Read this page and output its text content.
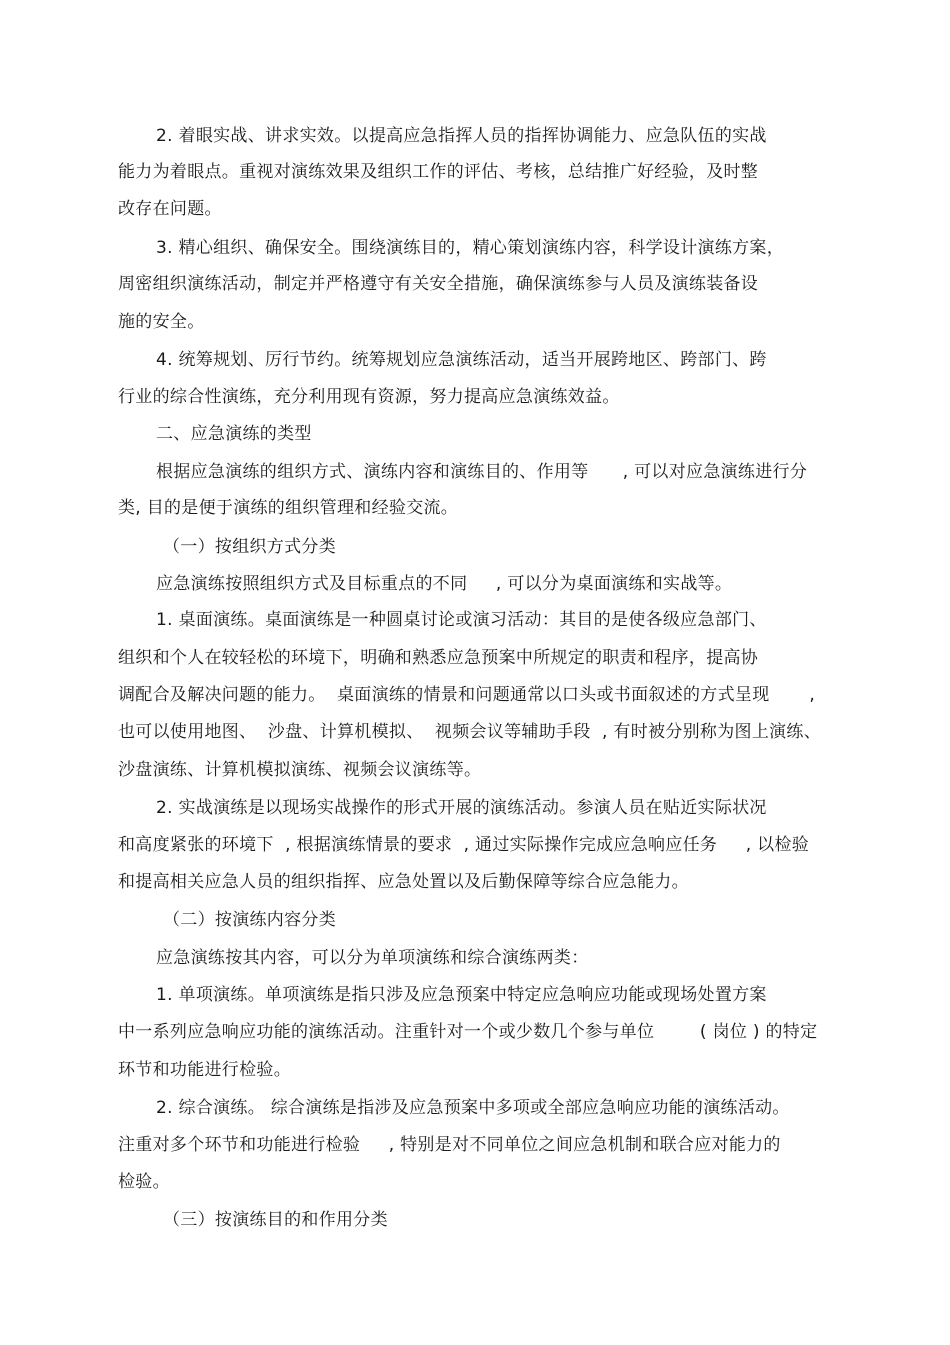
2. 着眼实战、讲求实效。以提高应急指挥人员的指挥协调能力、应急队伍的实战
能力为着眼点。重视对演练效果及组织工作的评估、考核，总结推广好经验，及时整
改存在问题。
3. 精心组织、确保安全。围绕演练目的，精心策划演练内容，科学设计演练方案，
周密组织演练活动，制定并严格遵守有关安全措施，确保演练参与人员及演练装备设
施的安全。
4. 统筹规划、厉行节约。统筹规划应急演练活动，适当开展跨地区、跨部门、跨
行业的综合性演练，充分利用现有资源，努力提高应急演练效益。
二、应急演练的类型
根据应急演练的组织方式、演练内容和演练目的、作用等      , 可以对应急演练进行分
类, 目的是便于演练的组织管理和经验交流。
（一）按组织方式分类
应急演练按照组织方式及目标重点的不同     , 可以分为桌面演练和实战等。
1. 桌面演练。桌面演练是一种圆桌讨论或演习活动：其目的是使各级应急部门、
组织和个人在较轻松的环境下，明确和熟悉应急预案中所规定的职责和程序，提高协
调配合及解决问题的能力。  桌面演练的情景和问题通常以口头或书面叙述的方式呈现       ,
也可以使用地图、  沙盘、计算机模拟、  视频会议等辅助手段  , 有时被分别称为图上演练、
沙盘演练、计算机模拟演练、视频会议演练等。
2. 实战演练是以现场实战操作的形式开展的演练活动。参演人员在贴近实际状况
和高度紧张的环境下  , 根据演练情景的要求  , 通过实际操作完成应急响应任务     , 以检验
和提高相关应急人员的组织指挥、应急处置以及后勤保障等综合应急能力。
（二）按演练内容分类
应急演练按其内容，可以分为单项演练和综合演练两类：
1. 单项演练。单项演练是指只涉及应急预案中特定应急响应功能或现场处置方案
中一系列应急响应功能的演练活动。注重针对一个或少数几个参与单位        ( 岗位 ) 的特定
环节和功能进行检验。
2. 综合演练。 综合演练是指涉及应急预案中多项或全部应急响应功能的演练活动。
注重对多个环节和功能进行检验     , 特别是对不同单位之间应急机制和联合应对能力的
检验。
（三）按演练目的和作用分类
